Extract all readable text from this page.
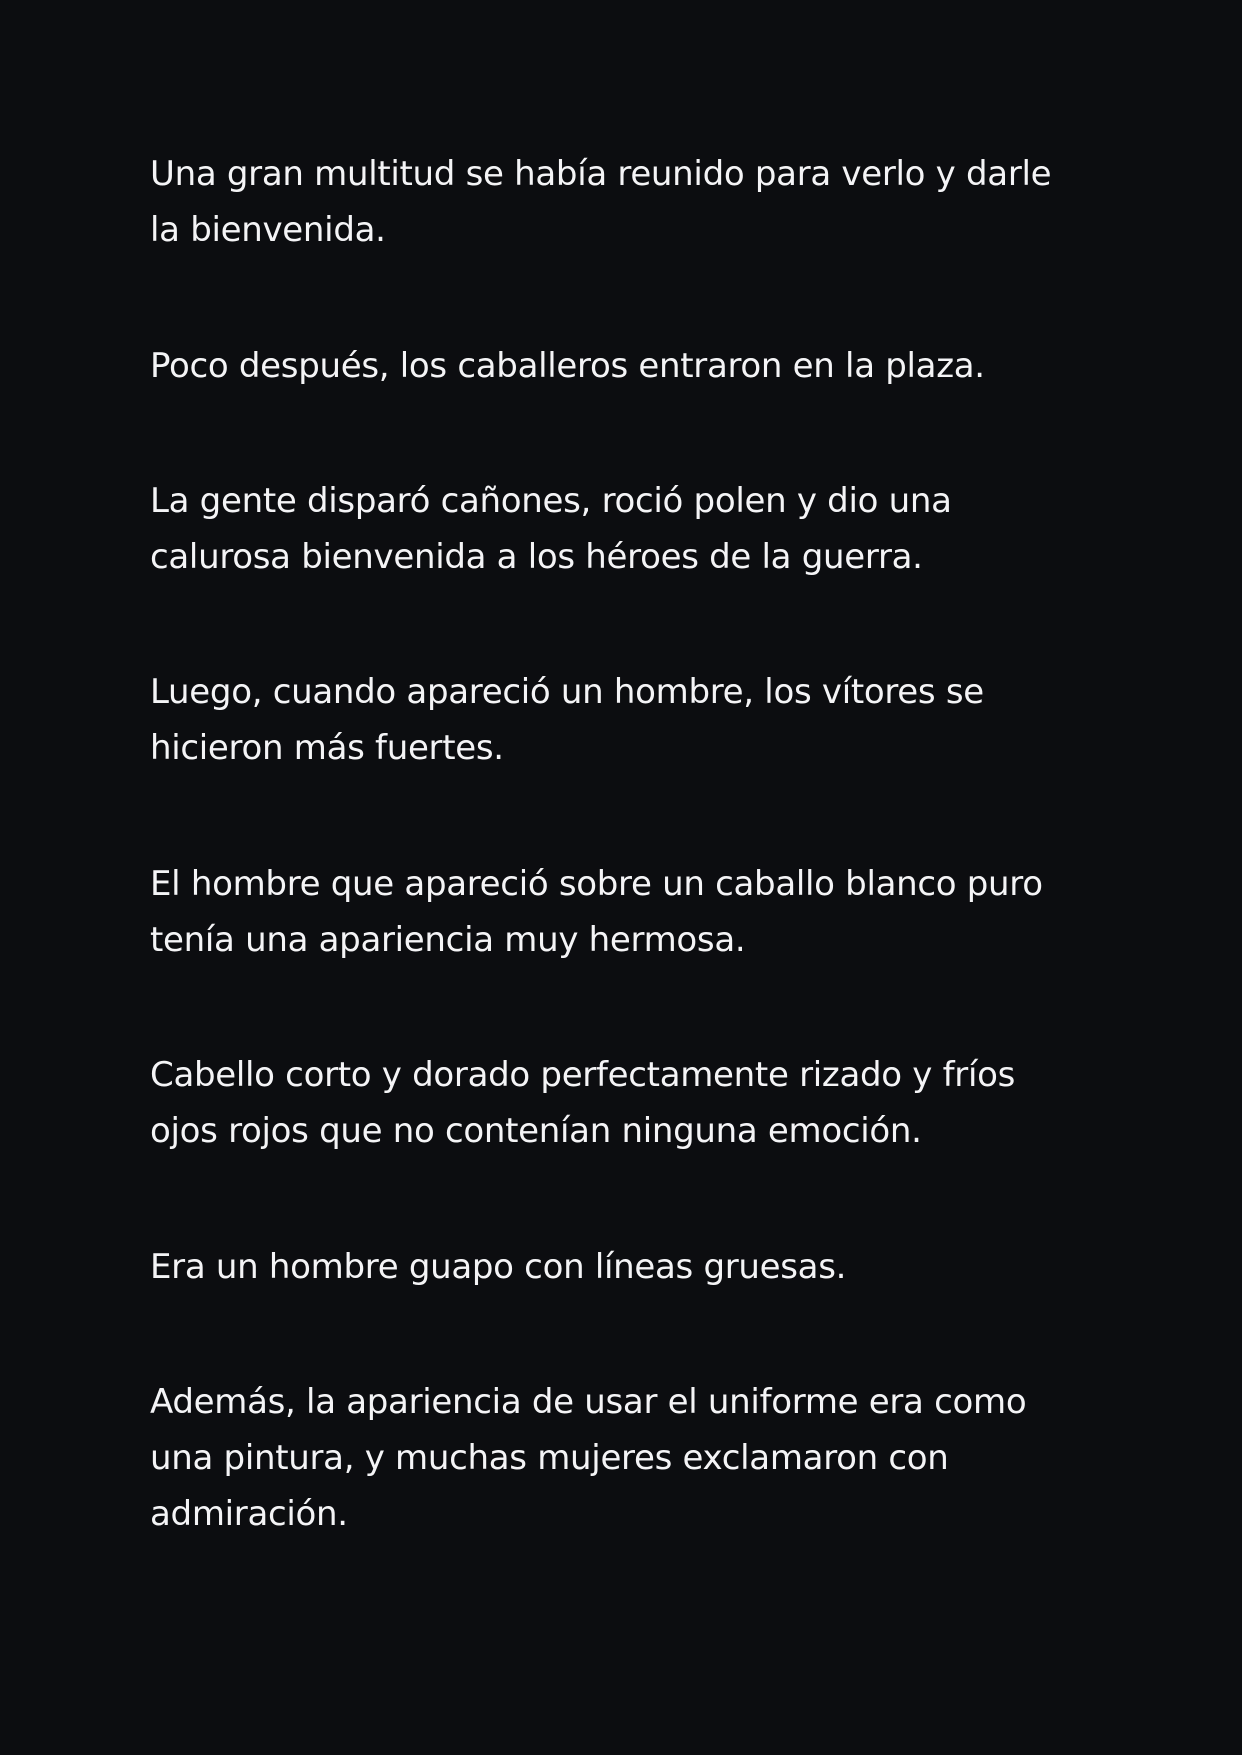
Una gran multitud se había reunido para verlo y darle
la bienvenida.

Poco después, los caballeros entraron en la plaza.

La gente disparó cañones, roció polen y dio una
calurosa bienvenida a los héroes de la guerra.

Luego, cuando apareció un hombre, los vítores se
hicieron más fuertes.

El hombre que apareció sobre un caballo blanco puro
tenía una apariencia muy hermosa.

Cabello corto y dorado perfectamente rizado y fríos
ojos rojos que no contenían ninguna emoción.

Era un hombre guapo con líneas gruesas.

Además, la apariencia de usar el uniforme era como
una pintura, y muchas mujeres exclamaron con
admiración.
